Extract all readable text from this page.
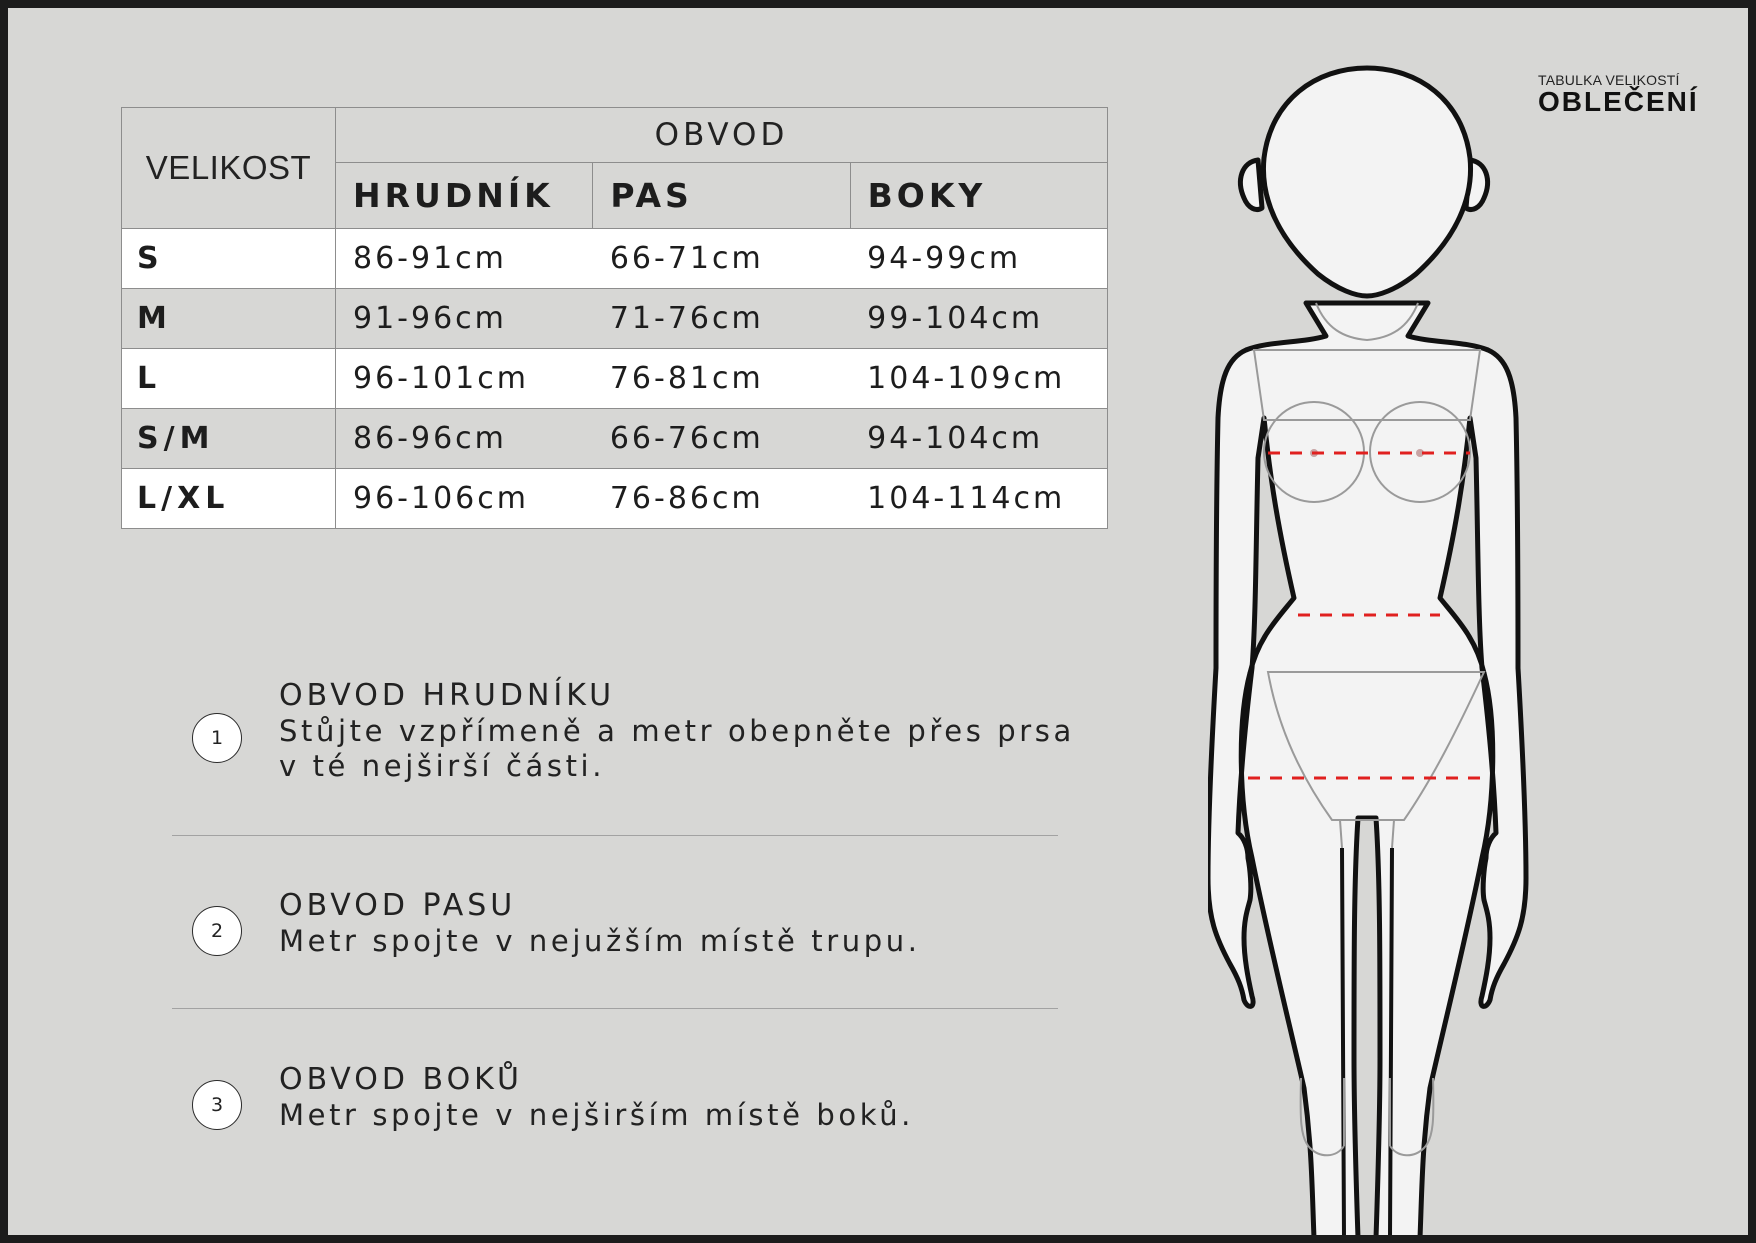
VELIKOST	OBVOD		
	HRUDNÍK	PAS	BOKY
S	86-91cm	66-71cm	94-99cm
M	91-96cm	71-76cm	99-104cm
L	96-101cm	76-81cm	104-109cm
S/M	86-96cm	66-76cm	94-104cm
L/XL	96-106cm	76-86cm	104-114cm
1
OBVOD HRUDNÍKU
Stůjte vzpřímeně a metr obepněte přes prsa
v té nejširší části.
2
OBVOD PASU
Metr spojte v nejužším místě trupu.
3
OBVOD BOKŮ
Metr spojte v nejširším místě boků.
TABULKA VELIKOSTÍ
OBLEČENÍ
